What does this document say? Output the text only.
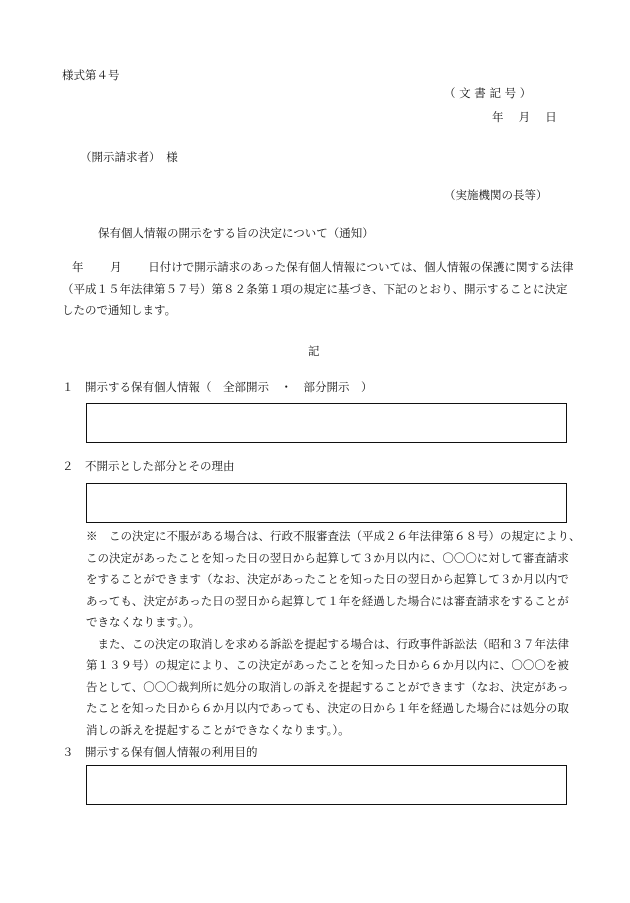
様式第４号
（ 文 書 記 号 ）
年　 月　 日
（開示請求者）　様
（実施機関の長等）
保有個人情報の開示をする旨の決定について（通知）
年　　 月　　 日付けで開示請求のあった保有個人情報については、個人情報の保護に関する法律
（平成１５年法律第５７号）第８２条第１項の規定に基づき、下記のとおり、開示することに決定
したので通知します。
記
１　開示する保有個人情報（　全部開示　・　部分開示　）
２　不開示とした部分とその理由
※　この決定に不服がある場合は、行政不服審査法（平成２６年法律第６８号）の規定により、
この決定があったことを知った日の翌日から起算して３か月以内に、〇〇〇に対して審査請求
をすることができます（なお、決定があったことを知った日の翌日から起算して３か月以内で
あっても、決定があった日の翌日から起算して１年を経過した場合には審査請求をすることが
できなくなります。）。
　また、この決定の取消しを求める訴訟を提起する場合は、行政事件訴訟法（昭和３７年法律
第１３９号）の規定により、この決定があったことを知った日から６か月以内に、〇〇〇を被
告として、〇〇〇裁判所に処分の取消しの訴えを提起することができます（なお、決定があっ
たことを知った日から６か月以内であっても、決定の日から１年を経過した場合には処分の取
消しの訴えを提起することができなくなります。）。
３　開示する保有個人情報の利用目的
